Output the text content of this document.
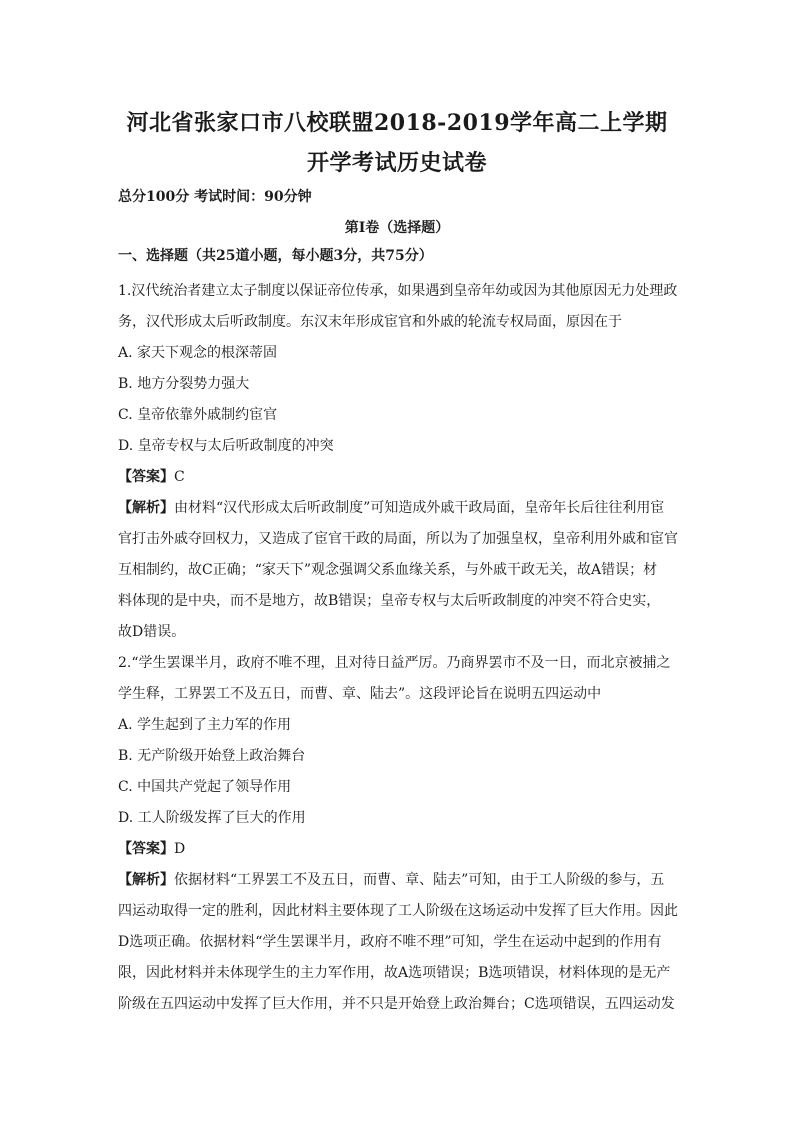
河北省张家口市八校联盟2018-2019学年高二上学期
开学考试历史试卷
总分100分 考试时间：90分钟
第Ⅰ卷（选择题）
一、选择题（共25道小题，每小题3分，共75分）
1.汉代统治者建立太子制度以保证帝位传承，如果遇到皇帝年幼或因为其他原因无力处理政
务，汉代形成太后听政制度。东汉末年形成宦官和外戚的轮流专权局面，原因在于
A. 家天下观念的根深蒂固
B. 地方分裂势力强大
C. 皇帝依靠外戚制约宦官
D. 皇帝专权与太后听政制度的冲突
【答案】C
【解析】由材料“汉代形成太后听政制度”可知造成外戚干政局面，皇帝年长后往往利用宦
官打击外戚夺回权力，又造成了宦官干政的局面，所以为了加强皇权，皇帝利用外戚和宦官
互相制约，故C正确；“家天下”观念强调父系血缘关系，与外戚干政无关，故A错误；材
料体现的是中央，而不是地方，故B错误；皇帝专权与太后听政制度的冲突不符合史实，
故D错误。
2.“学生罢课半月，政府不唯不理，且对待日益严厉。乃商界罢市不及一日，而北京被捕之
学生释，工界罢工不及五日，而曹、章、陆去”。这段评论旨在说明五四运动中
A. 学生起到了主力军的作用
B. 无产阶级开始登上政治舞台
C. 中国共产党起了领导作用
D. 工人阶级发挥了巨大的作用
【答案】D
【解析】依据材料“工界罢工不及五日，而曹、章、陆去”可知，由于工人阶级的参与，五
四运动取得一定的胜利，因此材料主要体现了工人阶级在这场运动中发挥了巨大作用。因此
D选项正确。依据材料“学生罢课半月，政府不唯不理”可知，学生在运动中起到的作用有
限，因此材料并未体现学生的主力军作用，故A选项错误；B选项错误，材料体现的是无产
阶级在五四运动中发挥了巨大作用，并不只是开始登上政治舞台；C选项错误，五四运动发
